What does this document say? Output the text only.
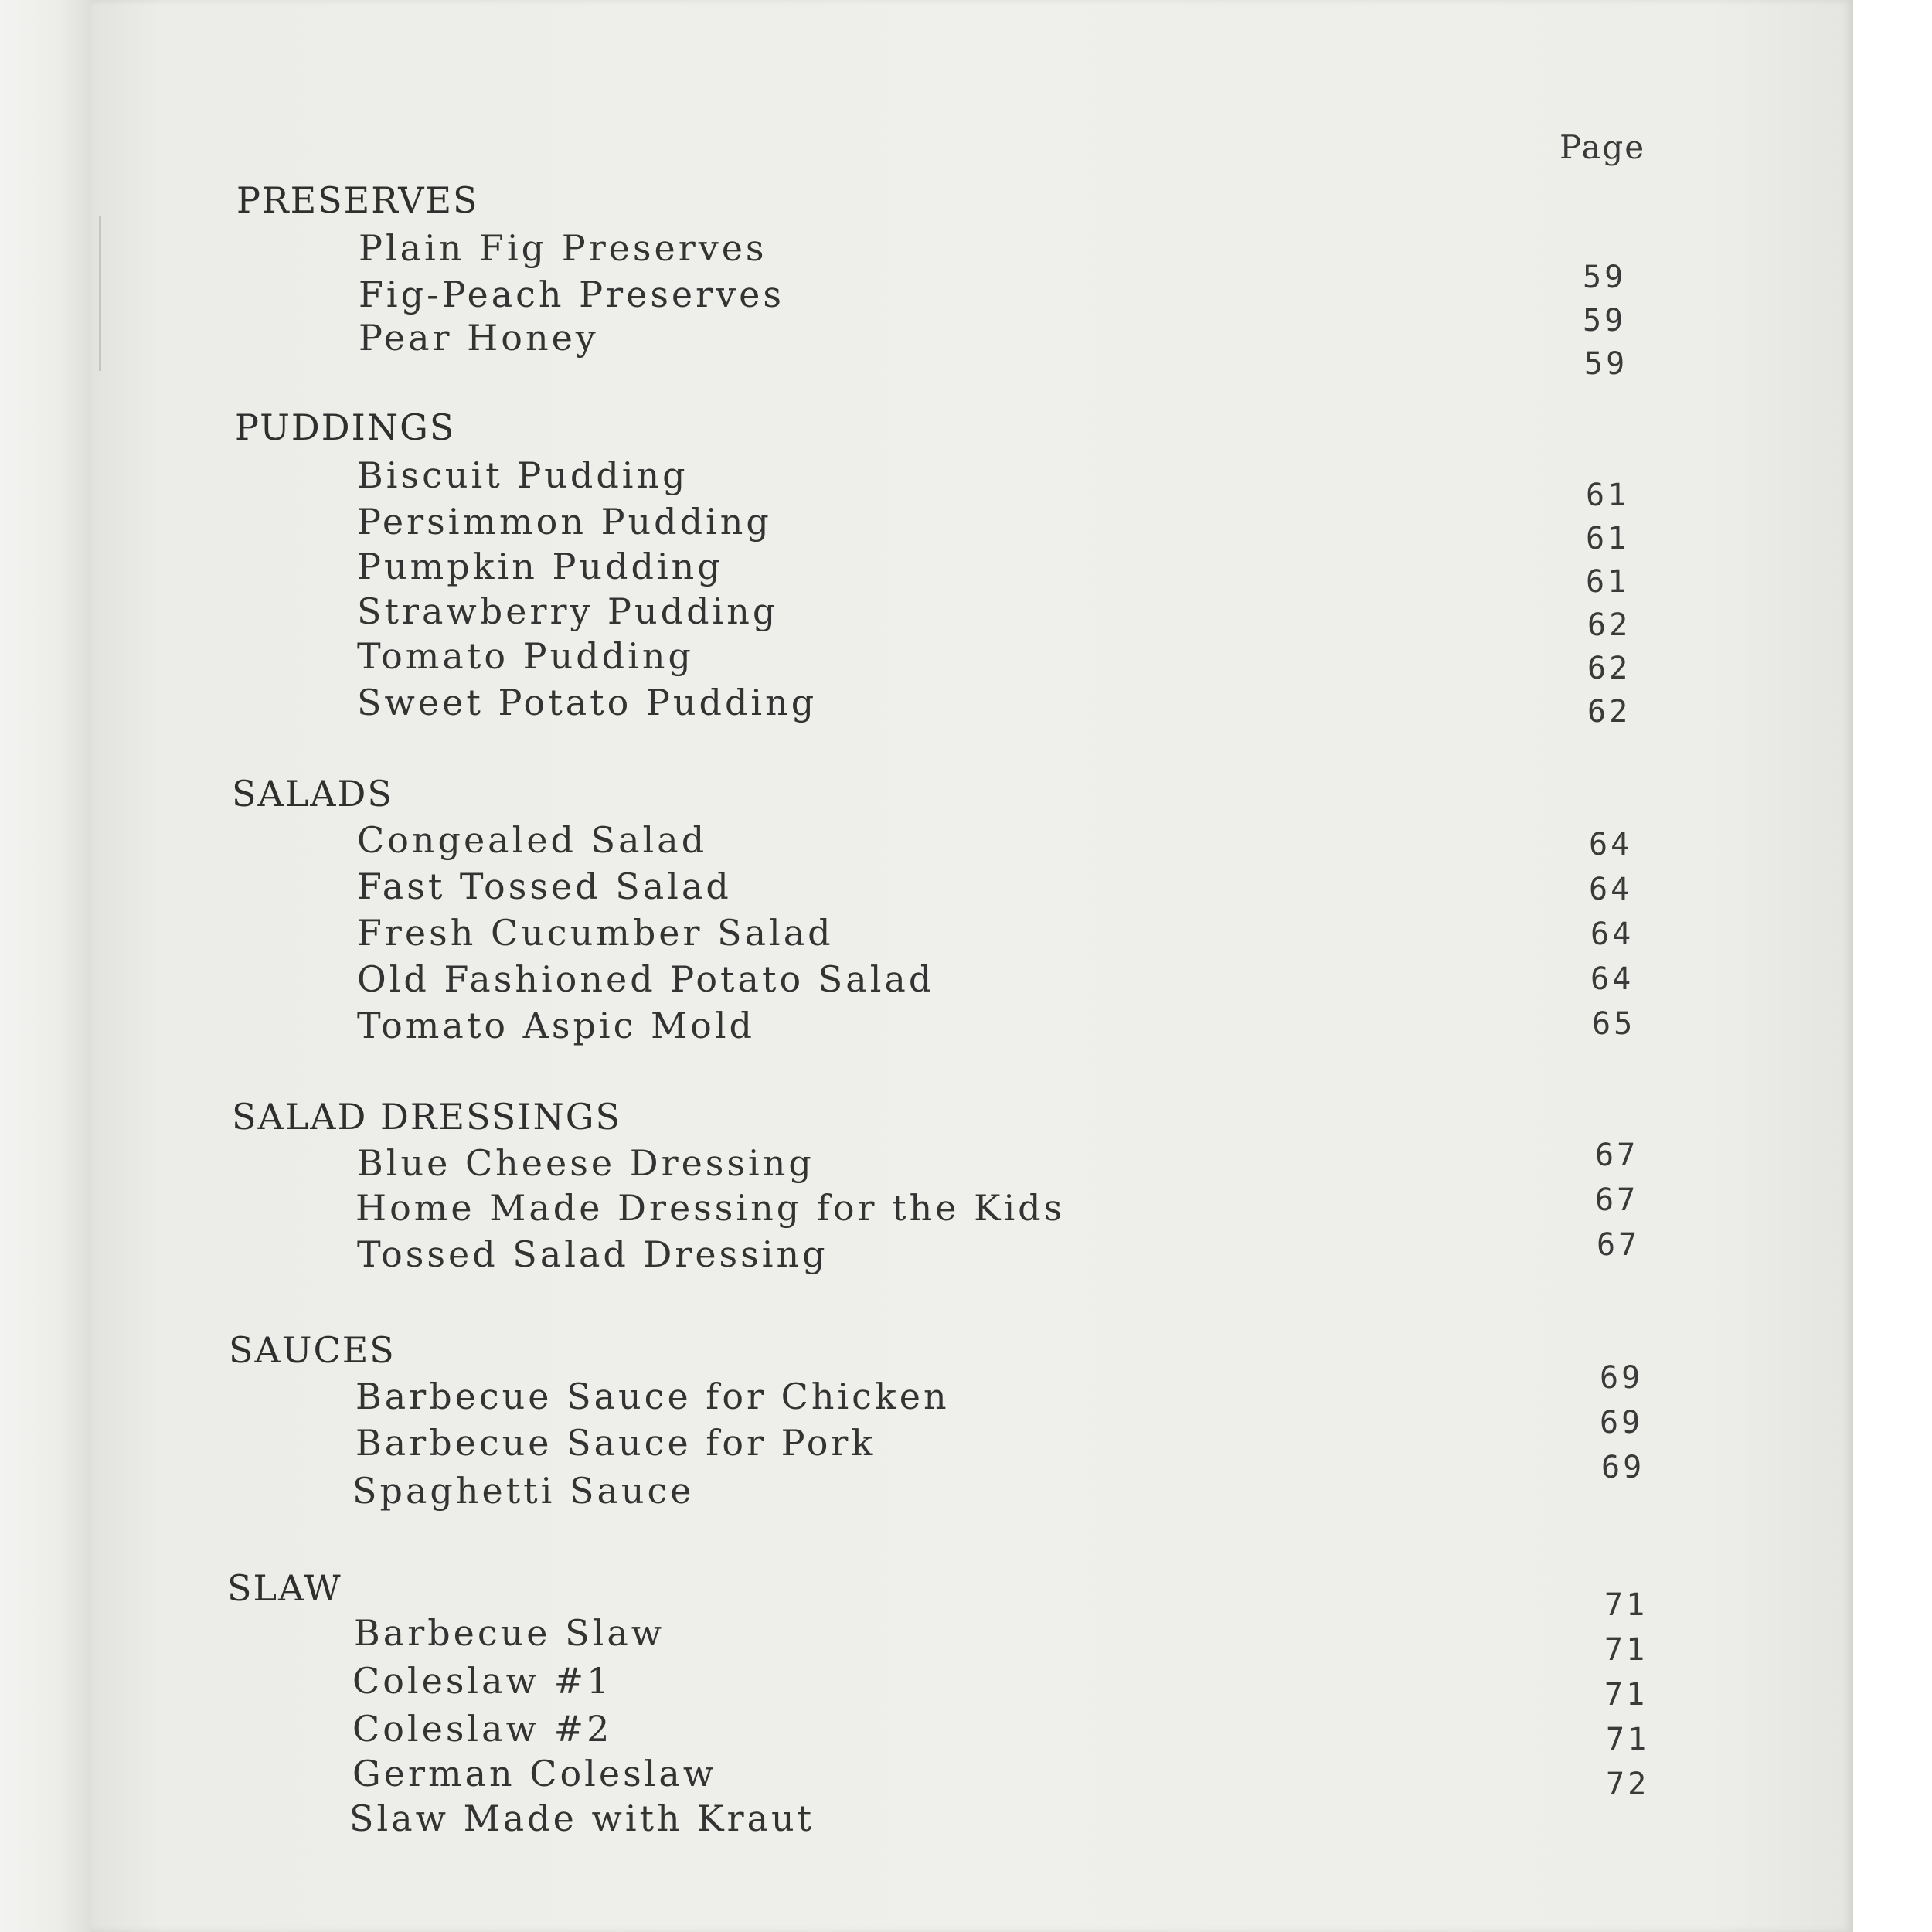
Page
PRESERVES
Plain Fig Preserves
Fig-Peach Preserves
Pear Honey
59
59
59
PUDDINGS
Biscuit Pudding
Persimmon Pudding
Pumpkin Pudding
Strawberry Pudding
Tomato Pudding
Sweet Potato Pudding
61
61
61
62
62
62
SALADS
Congealed Salad
Fast Tossed Salad
Fresh Cucumber Salad
Old Fashioned Potato Salad
Tomato Aspic Mold
64
64
64
64
65
SALAD DRESSINGS
Blue Cheese Dressing
Home Made Dressing for the Kids
Tossed Salad Dressing
67
67
67
SAUCES
Barbecue Sauce for Chicken
Barbecue Sauce for Pork
Spaghetti Sauce
69
69
69
SLAW
Barbecue Slaw
Coleslaw #1
Coleslaw #2
German Coleslaw
Slaw Made with Kraut
71
71
71
71
72
